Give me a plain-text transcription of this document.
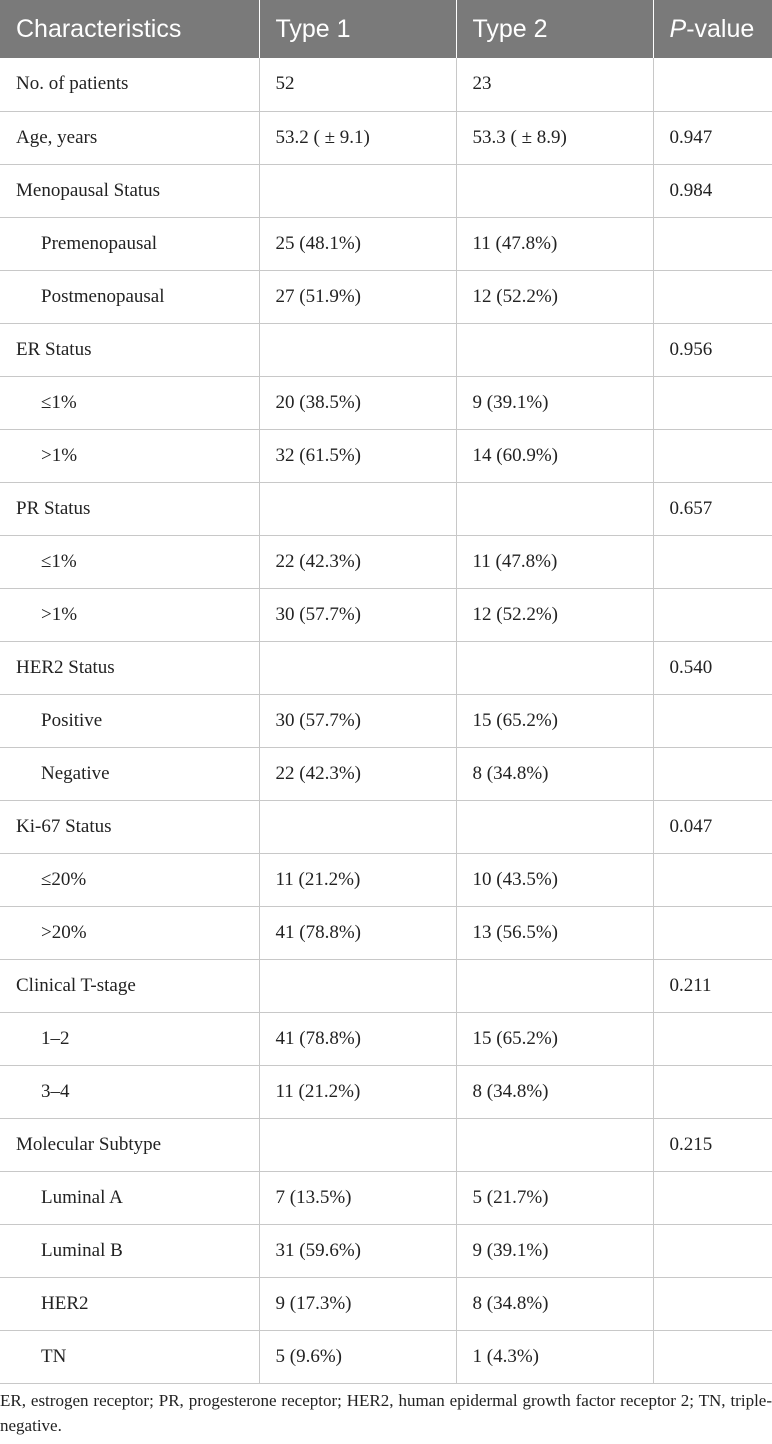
Characteristics	Type 1	Type 2	P-value
No. of patients	52	23	
Age, years	53.2 ( ± 9.1)	53.3 ( ± 8.9)	0.947
Menopausal Status			0.984
Premenopausal	25 (48.1%)	11 (47.8%)	
Postmenopausal	27 (51.9%)	12 (52.2%)	
ER Status			0.956
≤1%	20 (38.5%)	9 (39.1%)	
>1%	32 (61.5%)	14 (60.9%)	
PR Status			0.657
≤1%	22 (42.3%)	11 (47.8%)	
>1%	30 (57.7%)	12 (52.2%)	
HER2 Status			0.540
Positive	30 (57.7%)	15 (65.2%)	
Negative	22 (42.3%)	8 (34.8%)	
Ki-67 Status			0.047
≤20%	11 (21.2%)	10 (43.5%)	
>20%	41 (78.8%)	13 (56.5%)	
Clinical T-stage			0.211
1–2	41 (78.8%)	15 (65.2%)	
3–4	11 (21.2%)	8 (34.8%)	
Molecular Subtype			0.215
Luminal A	7 (13.5%)	5 (21.7%)	
Luminal B	31 (59.6%)	9 (39.1%)	
HER2	9 (17.3%)	8 (34.8%)	
TN	5 (9.6%)	1 (4.3%)	

ER, estrogen receptor; PR, progesterone receptor; HER2, human epidermal growth factor receptor 2; TN, triple-negative.
